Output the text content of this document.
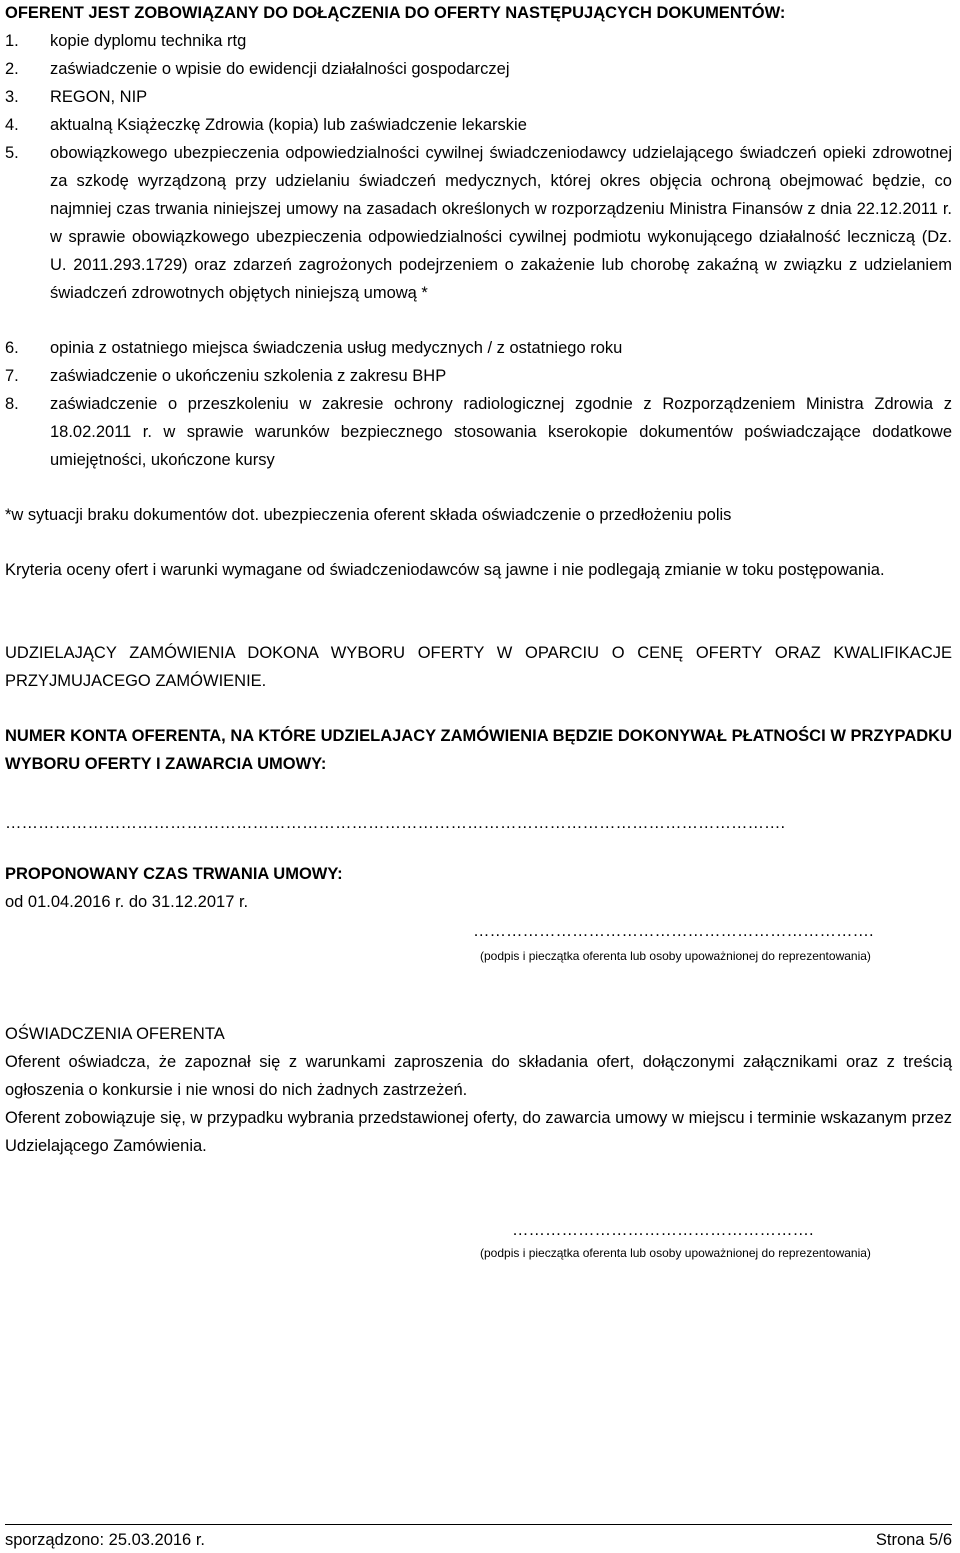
OFERENT JEST ZOBOWIĄZANY DO DOŁĄCZENIA DO OFERTY NASTĘPUJĄCYCH DOKUMENTÓW:
1. kopie dyplomu technika rtg
2. zaświadczenie o wpisie do ewidencji działalności gospodarczej
3. REGON, NIP
4. aktualną Książeczkę Zdrowia (kopia) lub zaświadczenie lekarskie
5. obowiązkowego ubezpieczenia odpowiedzialności cywilnej świadczeniodawcy udzielającego świadczeń opieki zdrowotnej za szkodę wyrządzoną przy udzielaniu świadczeń medycznych, której okres objęcia ochroną obejmować będzie, co najmniej czas trwania niniejszej umowy na zasadach określonych w rozporządzeniu Ministra Finansów z dnia 22.12.2011 r. w sprawie obowiązkowego ubezpieczenia odpowiedzialności cywilnej podmiotu wykonującego działalność leczniczą (Dz. U. 2011.293.1729) oraz zdarzeń zagrożonych podejrzeniem o zakażenie lub chorobę zakaźną w związku z udzielaniem świadczeń zdrowotnych objętych niniejszą umową *
6. opinia z ostatniego miejsca świadczenia usług medycznych / z ostatniego roku
7. zaświadczenie o ukończeniu szkolenia z zakresu BHP
8. zaświadczenie o przeszkoleniu w zakresie ochrony radiologicznej zgodnie z Rozporządzeniem Ministra Zdrowia z 18.02.2011 r. w sprawie warunków bezpiecznego stosowania kserokopie dokumentów poświadczające dodatkowe umiejętności, ukończone kursy
*w sytuacji braku dokumentów dot. ubezpieczenia oferent składa oświadczenie o przedłożeniu polis
Kryteria oceny ofert i warunki wymagane od świadczeniodawców są jawne i nie podlegają zmianie w toku postępowania.
UDZIELAJĄCY ZAMÓWIENIA DOKONA WYBORU OFERTY W OPARCIU O CENĘ OFERTY ORAZ KWALIFIKACJE PRZYJMUJACEGO ZAMÓWIENIE.
NUMER KONTA OFERENTA, NA KTÓRE UDZIELAJACY ZAMÓWIENIA BĘDZIE DOKONYWAŁ PŁATNOŚCI W PRZYPADKU WYBORU OFERTY I ZAWARCIA UMOWY:
…………………………………………………………………………………………………………………………….
PROPONOWANY CZAS TRWANIA UMOWY:
od 01.04.2016 r. do 31.12.2017 r.
……………………………………………………………….
(podpis i pieczątka oferenta lub osoby upoważnionej do reprezentowania)
OŚWIADCZENIA OFERENTA
Oferent oświadcza, że zapoznał się z warunkami zaproszenia do składania ofert, dołączonymi załącznikami oraz z treścią ogłoszenia o konkursie i nie wnosi do nich żadnych zastrzeżeń.
Oferent zobowiązuje się, w przypadku wybrania przedstawionej oferty, do zawarcia umowy w miejscu i terminie wskazanym przez Udzielającego Zamówienia.
……………………………………………….
(podpis i pieczątka oferenta lub osoby upoważnionej do reprezentowania)
sporządzono: 25.03.2016 r.	Strona 5/6
